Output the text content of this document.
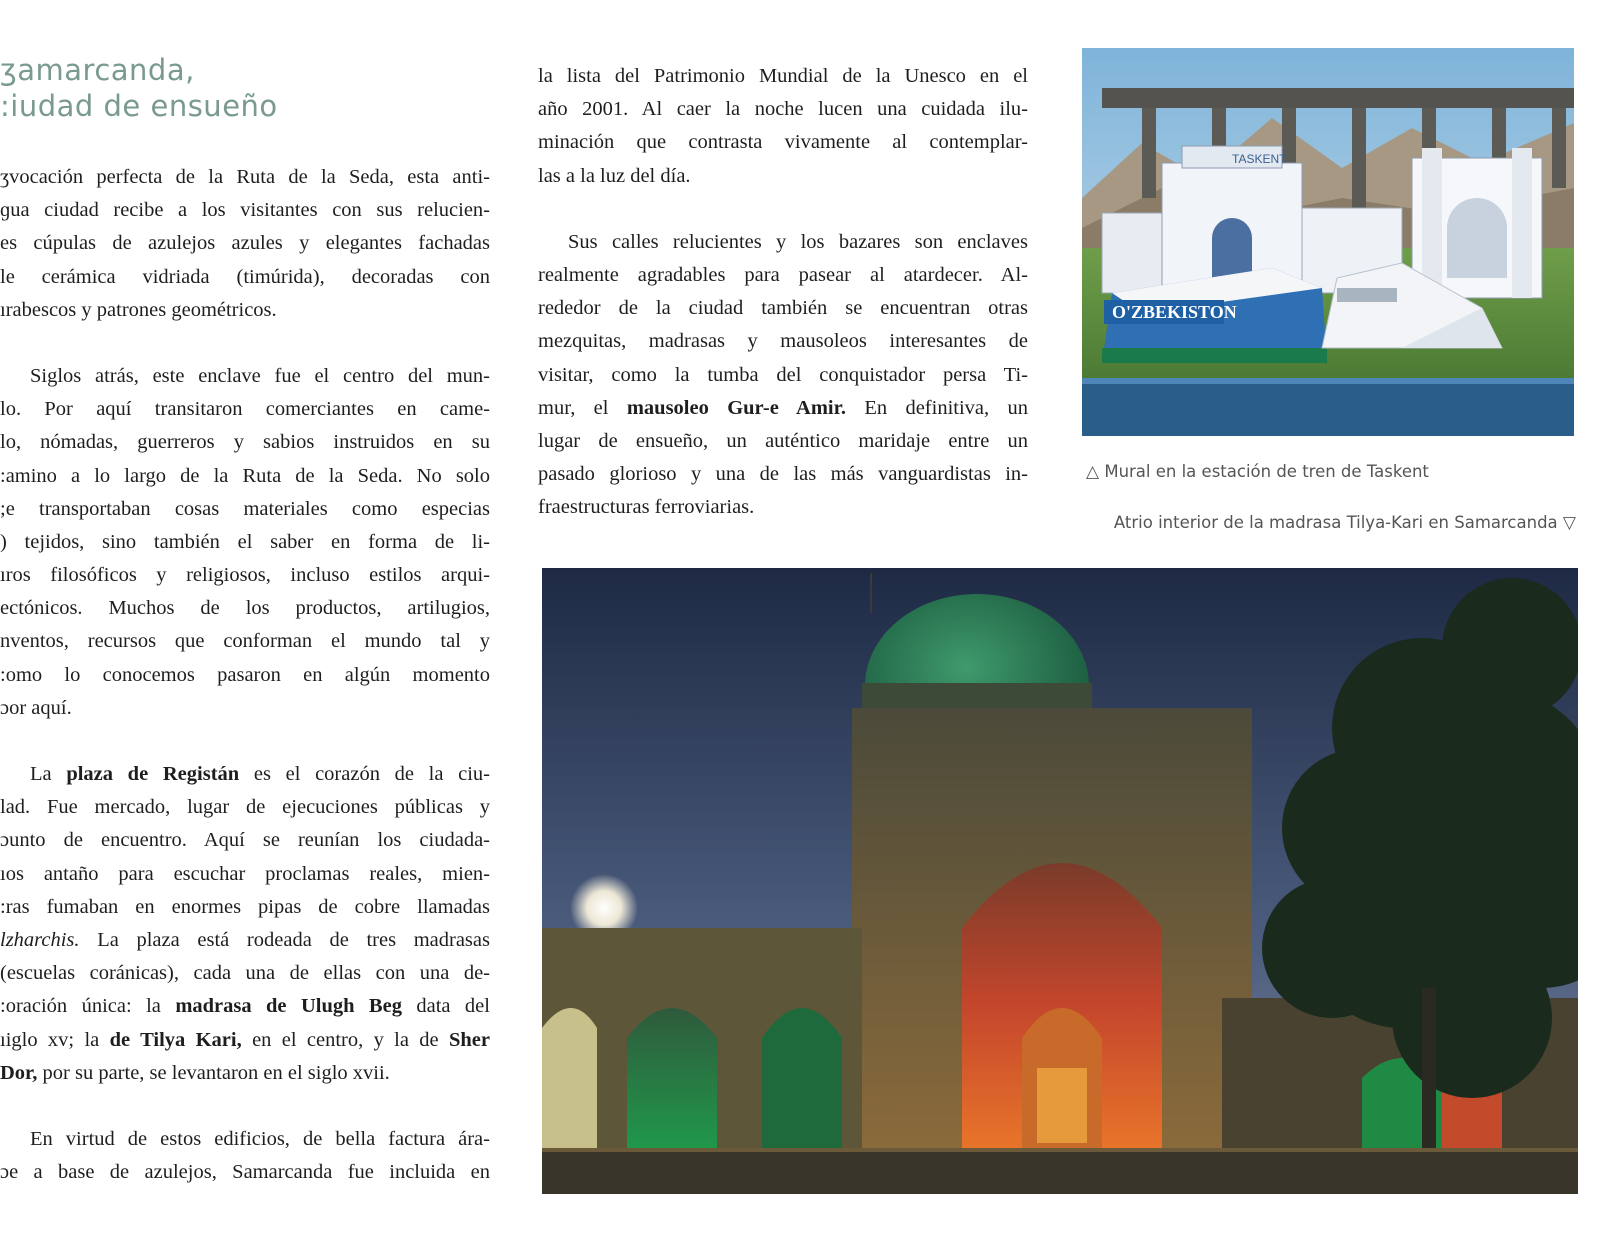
ʒamarcanda,
:iudad de ensueño
ʒvocación perfecta de la Ruta de la Seda, esta anti-
ɡua ciudad recibe a los visitantes con sus relucien-
es cúpulas de azulejos azules y elegantes fachadas
le cerámica vidriada (timúrida), decoradas con
ırabescos y patrones geométricos.
Siglos atrás, este enclave fue el centro del mun-
lo. Por aquí transitaron comerciantes en came-
lo, nómadas, guerreros y sabios instruidos en su
:amino a lo largo de la Ruta de la Seda. No solo
;e transportaban cosas materiales como especias
) tejidos, sino también el saber en forma de li-
ıros filosóficos y religiosos, incluso estilos arqui-
ectónicos. Muchos de los productos, artilugios,
nventos, recursos que conforman el mundo tal y
:omo lo conocemos pasaron en algún momento
ɔor aquí.
La plaza de Registán es el corazón de la ciu-
lad. Fue mercado, lugar de ejecuciones públicas y
ɔunto de encuentro. Aquí se reunían los ciudada-
ıos antaño para escuchar proclamas reales, mien-
:ras fumaban en enormes pipas de cobre llamadas
lzharchis. La plaza está rodeada de tres madrasas
(escuelas coránicas), cada una de ellas con una de-
:oración única: la madrasa de Ulugh Beg data del
ıiglo xv; la de Tilya Kari, en el centro, y la de Sher
Dor, por su parte, se levantaron en el siglo xvii.
En virtud de estos edificios, de bella factura ára-
ɔe a base de azulejos, Samarcanda fue incluida en
la lista del Patrimonio Mundial de la Unesco en el
año 2001. Al caer la noche lucen una cuidada ilu-
minación que contrasta vivamente al contemplar-
las a la luz del día.
Sus calles relucientes y los bazares son enclaves
realmente agradables para pasear al atardecer. Al-
rededor de la ciudad también se encuentran otras
mezquitas, madrasas y mausoleos interesantes de
visitar, como la tumba del conquistador persa Ti-
mur, el mausoleo Gur-e Amir. En definitiva, un
lugar de ensueño, un auténtico maridaje entre un
pasado glorioso y una de las más vanguardistas in-
fraestructuras ferroviarias.
O'ZBEKISTON
TASKENT
△ Mural en la estación de tren de Taskent
Atrio interior de la madrasa Tilya-Kari en Samarcanda ▽
